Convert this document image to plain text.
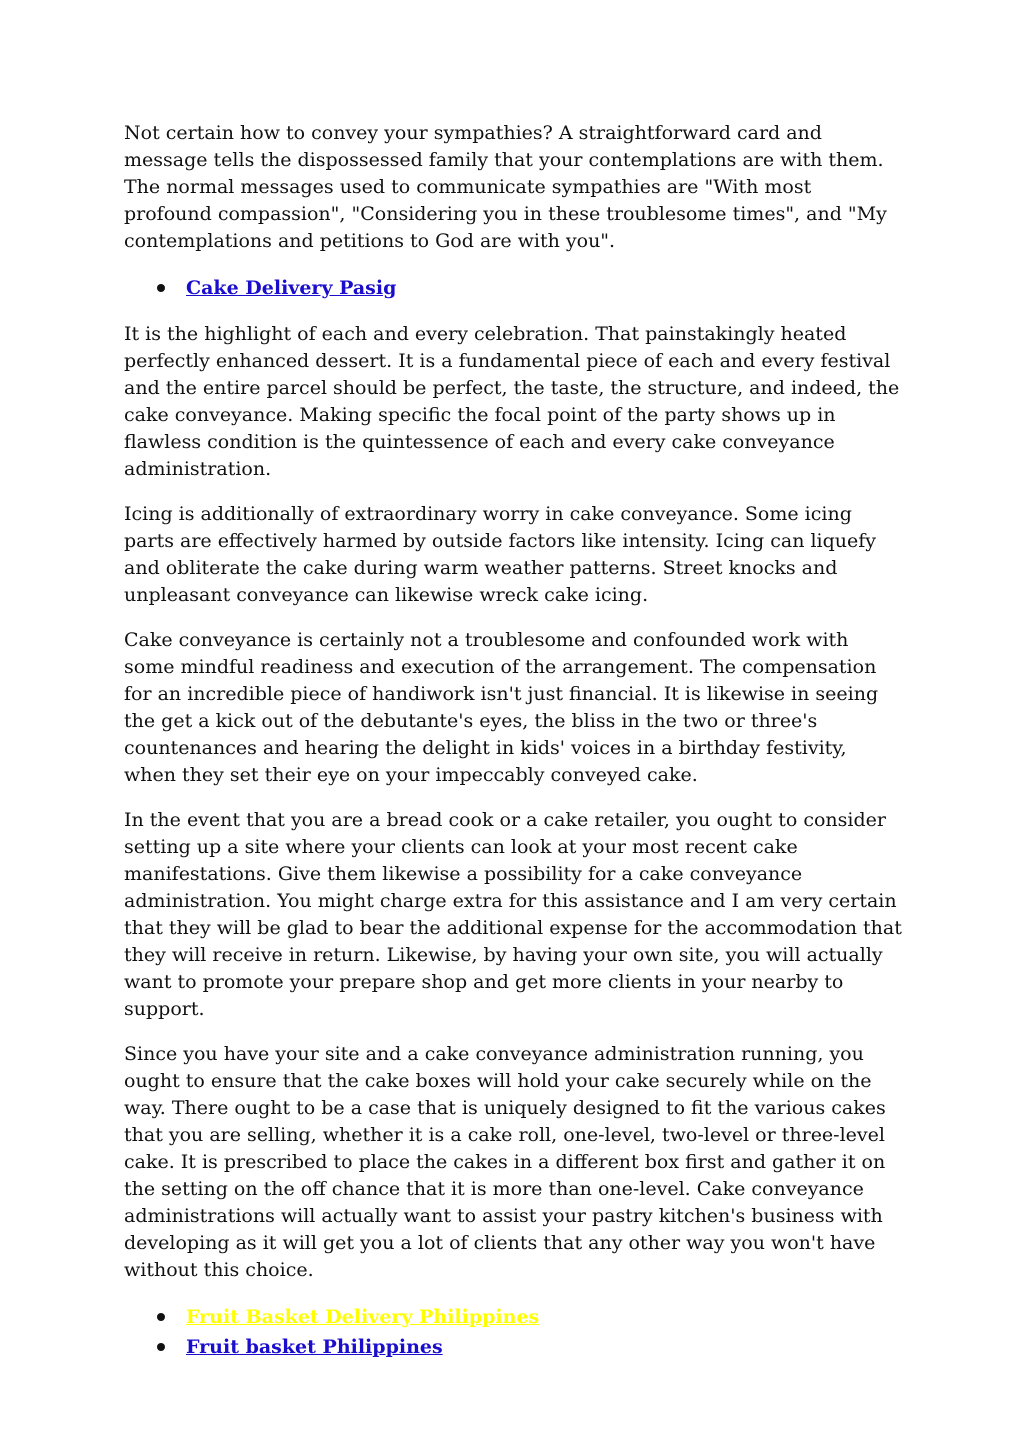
Not certain how to convey your sympathies? A straightforward card and message tells the dispossessed family that your contemplations are with them. The normal messages used to communicate sympathies are "With most profound compassion", "Considering you in these troublesome times", and "My contemplations and petitions to God are with you".

Cake Delivery Pasig

It is the highlight of each and every celebration. That painstakingly heated perfectly enhanced dessert. It is a fundamental piece of each and every festival and the entire parcel should be perfect, the taste, the structure, and indeed, the cake conveyance. Making specific the focal point of the party shows up in flawless condition is the quintessence of each and every cake conveyance administration.

Icing is additionally of extraordinary worry in cake conveyance. Some icing parts are effectively harmed by outside factors like intensity. Icing can liquefy and obliterate the cake during warm weather patterns. Street knocks and unpleasant conveyance can likewise wreck cake icing.

Cake conveyance is certainly not a troublesome and confounded work with some mindful readiness and execution of the arrangement. The compensation for an incredible piece of handiwork isn't just financial. It is likewise in seeing the get a kick out of the debutante's eyes, the bliss in the two or three's countenances and hearing the delight in kids' voices in a birthday festivity, when they set their eye on your impeccably conveyed cake.

In the event that you are a bread cook or a cake retailer, you ought to consider setting up a site where your clients can look at your most recent cake manifestations. Give them likewise a possibility for a cake conveyance administration. You might charge extra for this assistance and I am very certain that they will be glad to bear the additional expense for the accommodation that they will receive in return. Likewise, by having your own site, you will actually want to promote your prepare shop and get more clients in your nearby to support.

Since you have your site and a cake conveyance administration running, you ought to ensure that the cake boxes will hold your cake securely while on the way. There ought to be a case that is uniquely designed to fit the various cakes that you are selling, whether it is a cake roll, one-level, two-level or three-level cake. It is prescribed to place the cakes in a different box first and gather it on the setting on the off chance that it is more than one-level. Cake conveyance administrations will actually want to assist your pastry kitchen's business with developing as it will get you a lot of clients that any other way you won't have without this choice.

Fruit Basket Delivery Philippines
Fruit basket Philippines
